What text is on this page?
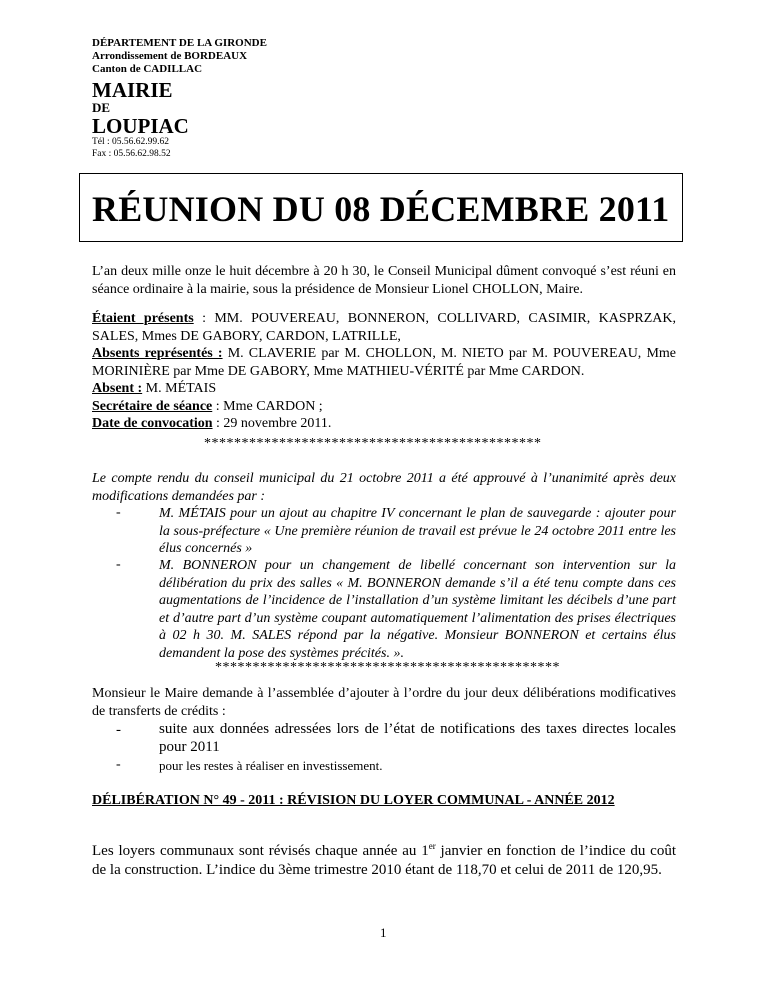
DÉPARTEMENT DE LA GIRONDE
Arrondissement de BORDEAUX
Canton de CADILLAC
MAIRIE
DE
LOUPIAC
Tél : 05.56.62.99.62
Fax : 05.56.62.98.52
RÉUNION DU 08 DÉCEMBRE 2011
L’an deux mille onze le huit décembre à 20 h 30, le Conseil Municipal dûment convoqué s’est réuni en séance ordinaire à la mairie, sous la présidence de Monsieur Lionel CHOLLON, Maire.
Étaient présents : MM. POUVEREAU, BONNERON, COLLIVARD, CASIMIR, KASPRZAK, SALES, Mmes DE GABORY, CARDON, LATRILLE,
Absents représentés : M. CLAVERIE par M. CHOLLON, M. NIETO par M. POUVEREAU, Mme MORINIÈRE par Mme DE GABORY, Mme MATHIEU-VÉRITÉ par Mme CARDON.
Absent : M. MÉTAIS
Secrétaire de séance : Mme CARDON ;
Date de convocation : 29 novembre 2011.
*********************************************
Le compte rendu du conseil municipal du 21 octobre 2011 a été approuvé à l’unanimité après deux modifications demandées par :
-	M. MÉTAIS pour un ajout au chapitre IV concernant le plan de sauvegarde : ajouter pour la sous-préfecture « Une première réunion de travail est prévue le 24 octobre 2011 entre les élus concernés »
-	M. BONNERON pour un changement de libellé concernant son intervention sur la délibération du prix des salles « M. BONNERON demande s’il a été tenu compte dans ces augmentations de l’incidence de l’installation d’un système limitant les décibels d’une part et d’autre part d’un système coupant automatiquement l’alimentation des prises électriques à 02 h 30. M. SALES répond par la négative. Monsieur BONNERON et certains élus demandent la pose des systèmes précités. ».
**********************************************
Monsieur le Maire demande à l’assemblée d’ajouter à l’ordre du jour deux délibérations modificatives de transferts de crédits :
-	suite aux données adressées lors de l’état de notifications des taxes directes locales pour 2011
-	pour les restes à réaliser en investissement.
DÉLIBÉRATION N° 49 - 2011 : RÉVISION DU LOYER COMMUNAL - ANNÉE 2012
Les loyers communaux sont révisés chaque année au 1er janvier en fonction de l’indice du coût de la construction. L’indice du 3ème trimestre 2010 étant de 118,70 et celui de 2011 de 120,95.
1
